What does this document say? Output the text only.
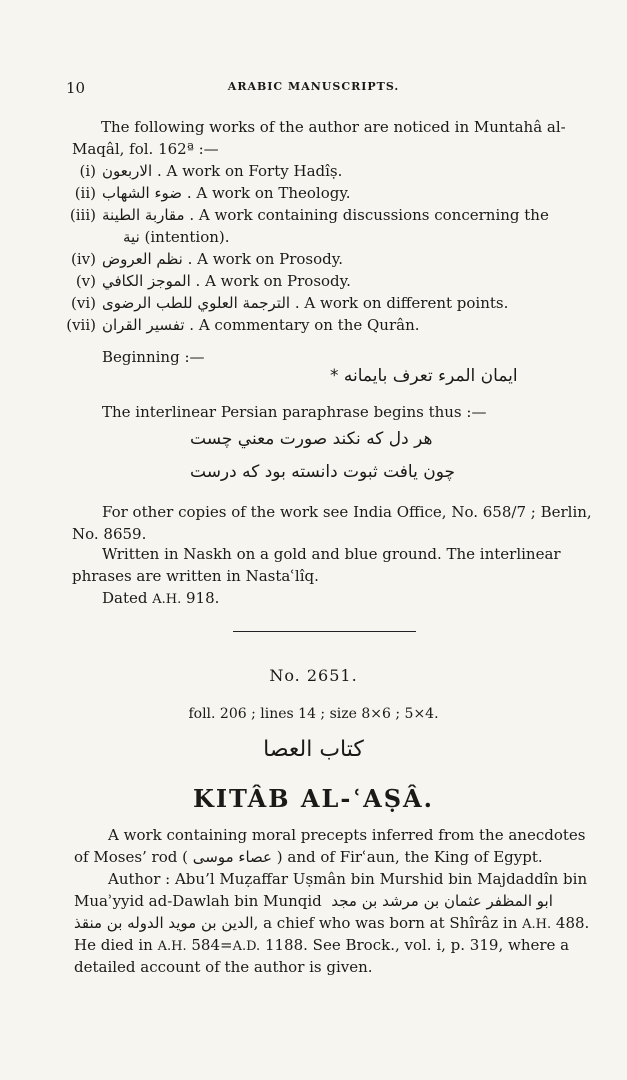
10	ARABIC MANUSCRIPTS.
The following works of the author are noticed in Muntahâ al-
Maqâl, fol. 162ª :—
(i) الاربعون . A work on Forty Hadîṣ.
(ii) ضوء الشهاب . A work on Theology.
(iii) مقاربة الطينة . A work containing discussions concerning the
نية (intention).
(iv) نظم العروض . A work on Prosody.
(v) الموجز الكافي . A work on Prosody.
(vi) الترجمة العلوي للطب الرضوى . A work on different points.
(vii) تفسير القران . A commentary on the Qurân.
Beginning :—
* ايمان المرء تعرف بايمانه
The interlinear Persian paraphrase begins thus :—
هر دل كه نكند صورت معني چست
چون يافت ثبوت دانسته بود كه درست
For other copies of the work see India Office, No. 658/7 ; Berlin,
No. 8659.
Written in Naskh on a gold and blue ground. The interlinear
phrases are written in Nastaʿlîq.
Dated A.H. 918.
No. 2651.
foll. 206 ; lines 14 ; size 8×6 ; 5×4.
كتاب العصا
KITÂB AL-ʿAṢÂ.
A work containing moral precepts inferred from the anecdotes
of Moses’ rod ( عصاء موسى ) and of Firʿaun, the King of Egypt.
Author : Abu’l Muẓaffar Uṣmân bin Murshid bin Majdaddîn bin
Muaʾyyid ad-Dawlah bin Munqid ابو المظفر عثمان بن مرشد بن مجد
الدين بن مويد الدوله بن منقذ, a chief who was born at Shîrâz in A.H. 488.
He died in A.H. 584=A.D. 1188. See Brock., vol. i, p. 319, where a
detailed account of the author is given.
